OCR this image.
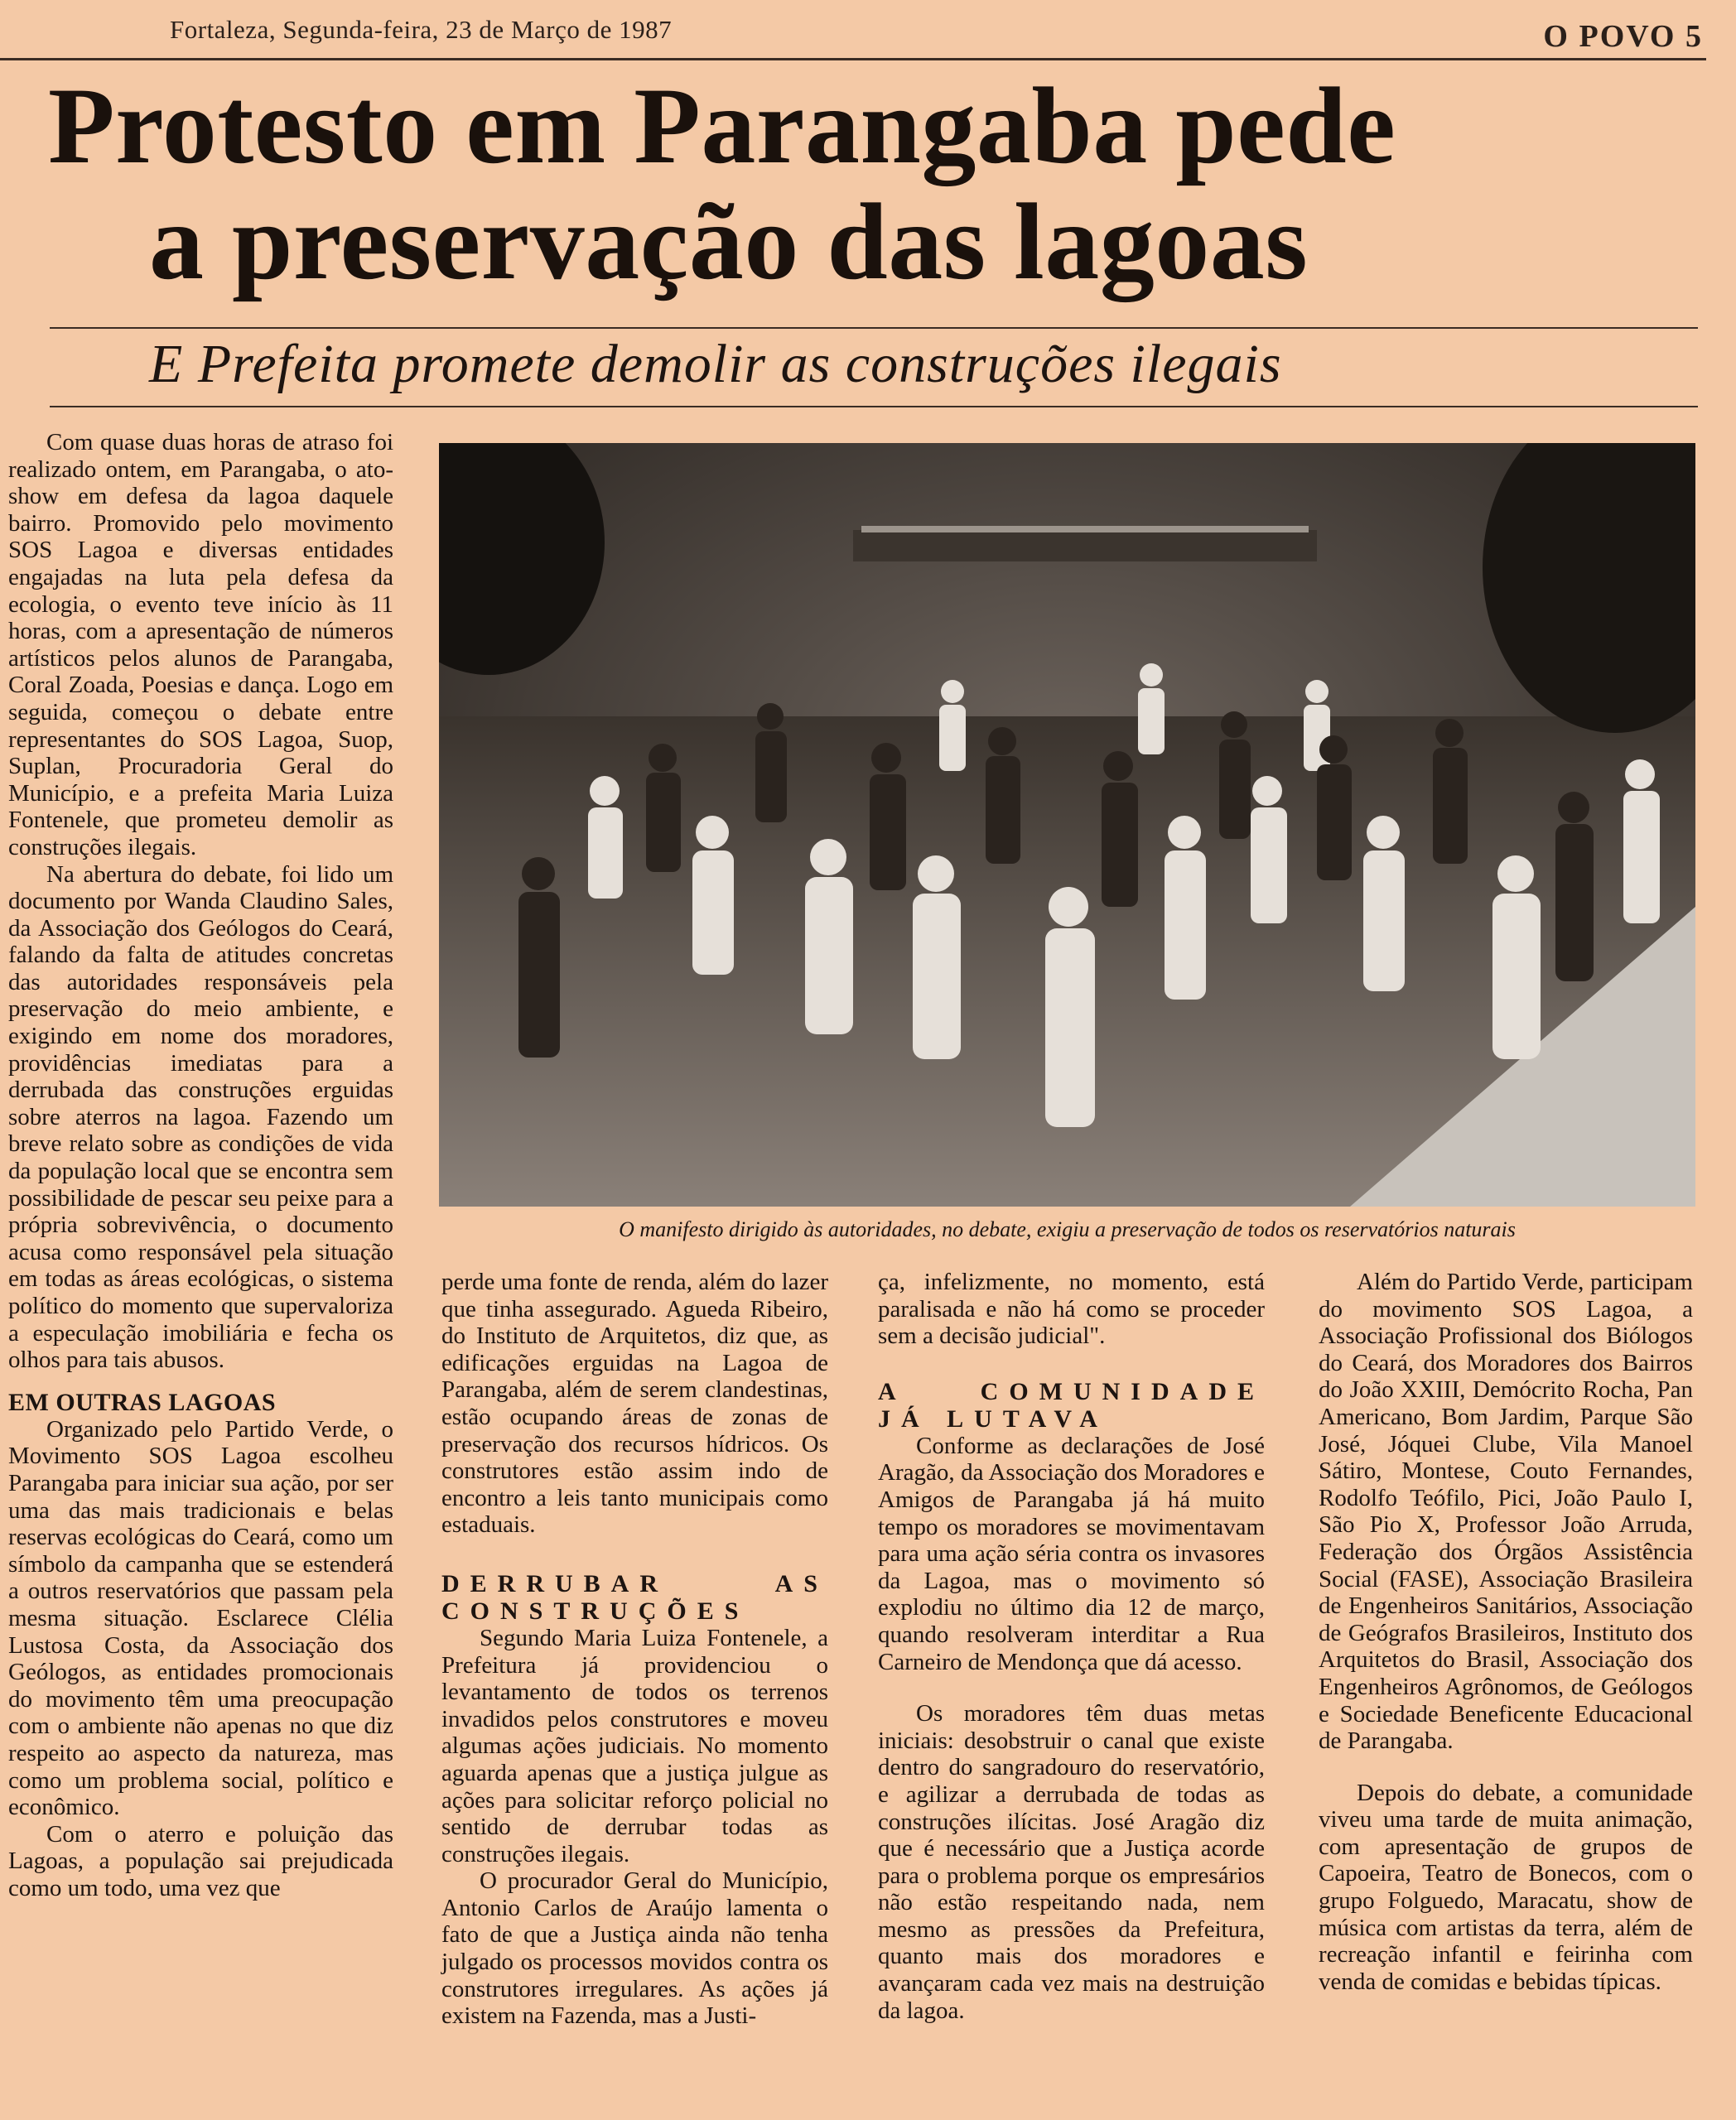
Fortaleza, Segunda-feira, 23 de Março de 1987	O POVO 5
Protesto em Parangaba pede
a preservação das lagoas
E Prefeita promete demolir as construções ilegais

Com quase duas horas de atraso foi realizado ontem, em Parangaba, o ato-show em defesa da lagoa daquele bairro. Promovido pelo movimento SOS Lagoa e diversas entidades engajadas na luta pela defesa da ecologia, o evento teve início às 11 horas, com a apresentação de números artísticos pelos alunos de Parangaba, Coral Zoada, Poesias e dança. Logo em seguida, começou o debate entre representantes do SOS Lagoa, Suop, Suplan, Procuradoria Geral do Município, e a prefeita Maria Luiza Fontenele, que prometeu demolir as construções ilegais.

Na abertura do debate, foi lido um documento por Wanda Claudino Sales, da Associação dos Geólogos do Ceará, falando da falta de atitudes concretas das autoridades responsáveis pela preservação do meio ambiente, e exigindo em nome dos moradores, providências imediatas para a derrubada das construções erguidas sobre aterros na lagoa. Fazendo um breve relato sobre as condições de vida da população local que se encontra sem possibilidade de pescar seu peixe para a própria sobrevivência, o documento acusa como responsável pela situação em todas as áreas ecológicas, o sistema político do momento que supervaloriza a especulação imobiliária e fecha os olhos para tais abusos.

EM OUTRAS LAGOAS

Organizado pelo Partido Verde, o Movimento SOS Lagoa escolheu Parangaba para iniciar sua ação, por ser uma das mais tradicionais e belas reservas ecológicas do Ceará, como um símbolo da campanha que se estenderá a outros reservatórios que passam pela mesma situação. Esclarece Clélia Lustosa Costa, da Associação dos Geólogos, as entidades promocionais do movimento têm uma preocupação com o ambiente não apenas no que diz respeito ao aspecto da natureza, mas como um problema social, político e econômico.

Com o aterro e poluição das Lagoas, a população sai prejudicada como um todo, uma vez que

O manifesto dirigido às autoridades, no debate, exigiu a preservação de todos os reservatórios naturais

perde uma fonte de renda, além do lazer que tinha assegurado. Agueda Ribeiro, do Instituto de Arquitetos, diz que, as edificações erguidas na Lagoa de Parangaba, além de serem clandestinas, estão ocupando áreas de zonas de preservação dos recursos hídricos. Os construtores estão assim indo de encontro a leis tanto municipais como estaduais.

DERRUBAR AS CONSTRUÇÕES

Segundo Maria Luiza Fontenele, a Prefeitura já providenciou o levantamento de todos os terrenos invadidos pelos construtores e moveu algumas ações judiciais. No momento aguarda apenas que a justiça julgue as ações para solicitar reforço policial no sentido de derrubar todas as construções ilegais.

O procurador Geral do Município, Antonio Carlos de Araújo lamenta o fato de que a Justiça ainda não tenha julgado os processos movidos contra os construtores irregulares. As ações já existem na Fazenda, mas a Justi-

ça, infelizmente, no momento, está paralisada e não há como se proceder sem a decisão judicial".

A COMUNIDADE JÁ LUTAVA

Conforme as declarações de José Aragão, da Associação dos Moradores e Amigos de Parangaba já há muito tempo os moradores se movimentavam para uma ação séria contra os invasores da Lagoa, mas o movimento só explodiu no último dia 12 de março, quando resolveram interditar a Rua Carneiro de Mendonça que dá acesso.

Os moradores têm duas metas iniciais: desobstruir o canal que existe dentro do sangradouro do reservatório, e agilizar a derrubada de todas as construções ilícitas. José Aragão diz que é necessário que a Justiça acorde para o problema porque os empresários não estão respeitando nada, nem mesmo as pressões da Prefeitura, quanto mais dos moradores e avançaram cada vez mais na destruição da lagoa.

Além do Partido Verde, participam do movimento SOS Lagoa, a Associação Profissional dos Biólogos do Ceará, dos Moradores dos Bairros do João XXIII, Demócrito Rocha, Pan Americano, Bom Jardim, Parque São José, Jóquei Clube, Vila Manoel Sátiro, Montese, Couto Fernandes, Rodolfo Teófilo, Pici, João Paulo I, São Pio X, Professor João Arruda, Federação dos Órgãos Assistência Social (FASE), Associação Brasileira de Engenheiros Sanitários, Associação de Geógrafos Brasileiros, Instituto dos Arquitetos do Brasil, Associação dos Engenheiros Agrônomos, de Geólogos e Sociedade Beneficente Educacional de Parangaba.

Depois do debate, a comunidade viveu uma tarde de muita animação, com apresentação de grupos de Capoeira, Teatro de Bonecos, com o grupo Folguedo, Maracatu, show de música com artistas da terra, além de recreação infantil e feirinha com venda de comidas e bebidas típicas.
